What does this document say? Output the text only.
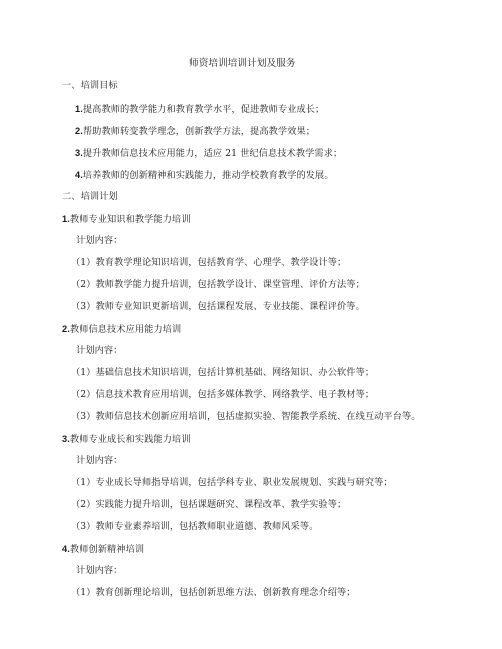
师资培训培训计划及服务
一、培训目标
1.提高教师的教学能力和教育教学水平，促进教师专业成长；
2.帮助教师转变教学理念，创新教学方法，提高教学效果；
3.提升教师信息技术应用能力，适应 21 世纪信息技术教学需求；
4.培养教师的创新精神和实践能力，推动学校教育教学的发展。
二、培训计划
1.教师专业知识和教学能力培训
计划内容：
（1）教育教学理论知识培训，包括教育学、心理学、教学设计等；
（2）教师教学能力提升培训，包括教学设计、课堂管理、评价方法等；
（3）教师专业知识更新培训，包括课程发展、专业技能、课程评价等。
2.教师信息技术应用能力培训
计划内容：
（1）基础信息技术知识培训，包括计算机基础、网络知识、办公软件等；
（2）信息技术教育应用培训，包括多媒体教学、网络教学、电子教材等；
（3）教师信息技术创新应用培训，包括虚拟实验、智能教学系统、在线互动平台等。
3.教师专业成长和实践能力培训
计划内容：
（1）专业成长导师指导培训，包括学科专业、职业发展规划、实践与研究等；
（2）实践能力提升培训，包括课题研究、课程改革、教学实验等；
（3）教师专业素养培训，包括教师职业道德、教师风采等。
4.教师创新精神培训
计划内容：
（1）教育创新理论培训，包括创新思维方法、创新教育理念介绍等；
